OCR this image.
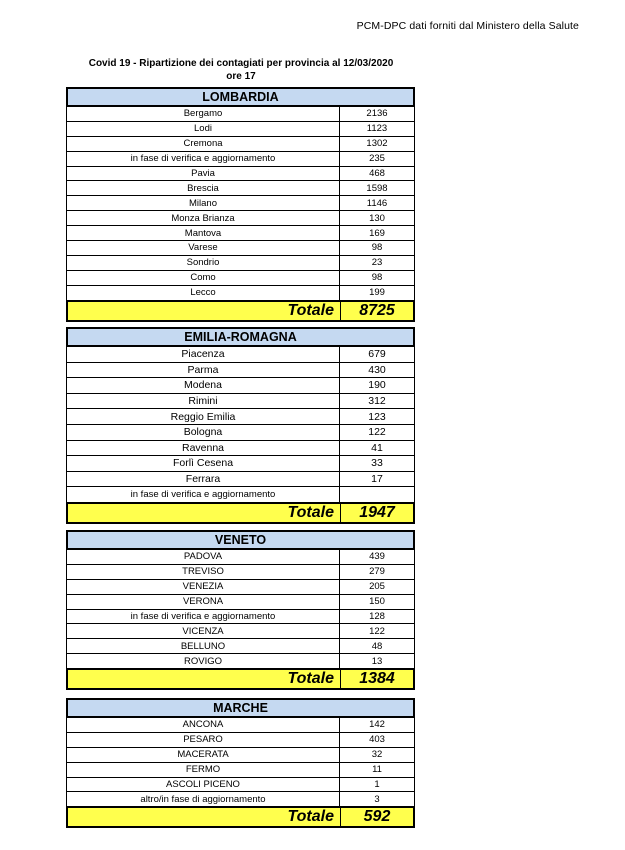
PCM-DPC dati forniti dal Ministero della Salute
Covid 19 - Ripartizione dei contagiati per provincia al 12/03/2020
ore 17
LOMBARDIA
Bergamo	2136
Lodi	1123
Cremona	1302
in fase di verifica e aggiornamento	235
Pavia	468
Brescia	1598
Milano	1146
Monza Brianza	130
Mantova	169
Varese	98
Sondrio	23
Como	98
Lecco	199
Totale	8725
EMILIA-ROMAGNA
Piacenza	679
Parma	430
Modena	190
Rimini	312
Reggio Emilia	123
Bologna	122
Ravenna	41
Forlì Cesena	33
Ferrara	17
in fase di verifica e aggiornamento	
Totale	1947
VENETO
PADOVA	439
TREVISO	279
VENEZIA	205
VERONA	150
in fase di verifica e aggiornamento	128
VICENZA	122
BELLUNO	48
ROVIGO	13
Totale	1384
MARCHE
ANCONA	142
PESARO	403
MACERATA	32
FERMO	11
ASCOLI PICENO	1
altro/in fase di aggiornamento	3
Totale	592
